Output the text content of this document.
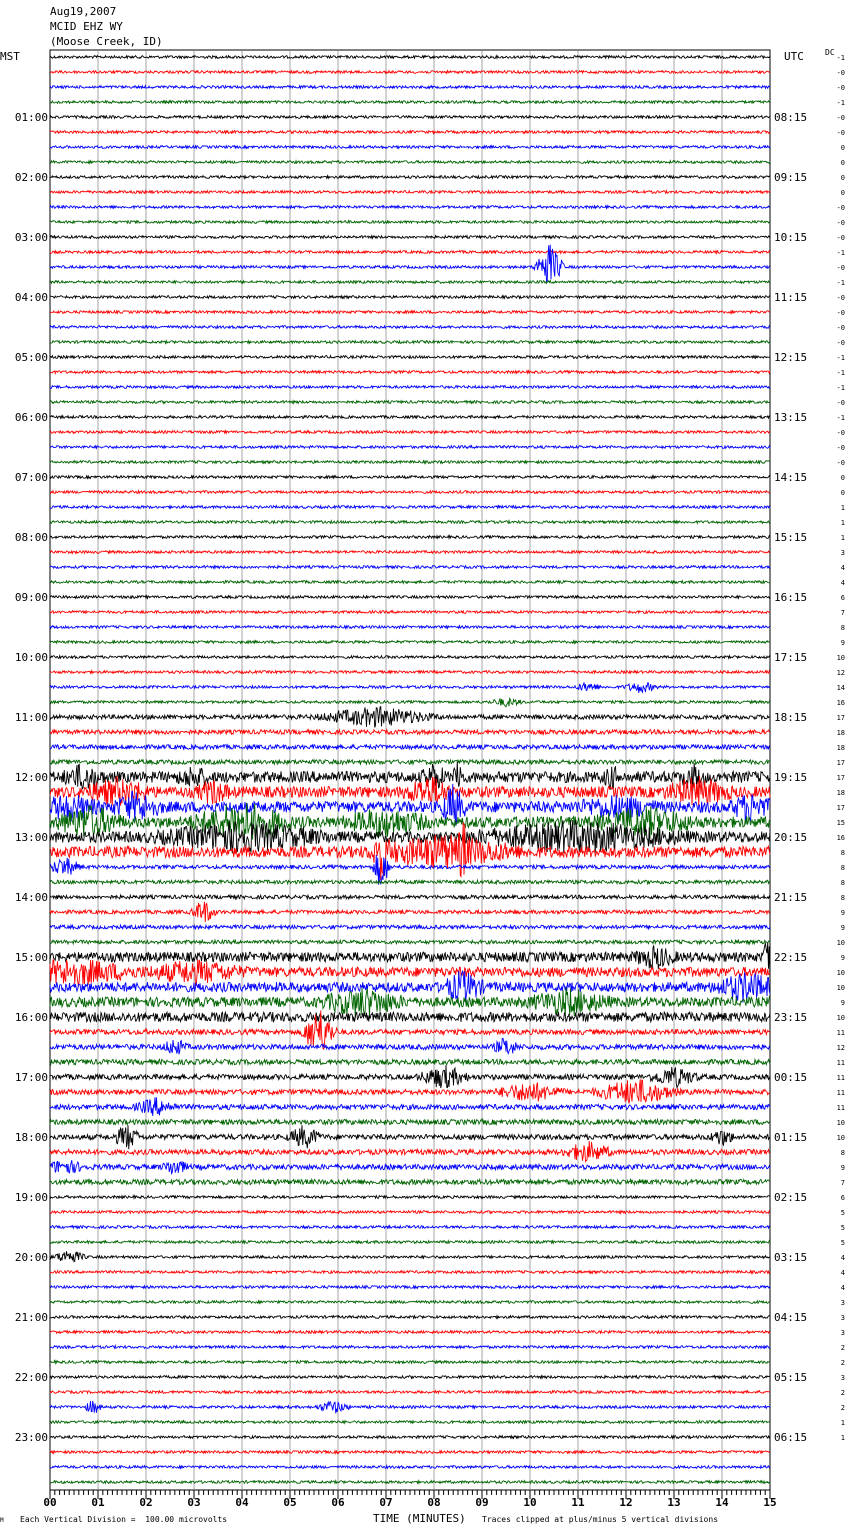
00	01	02	03	04	05	06	07	08	09	10	11	12	13	14	15
01:00
02:00
03:00
04:00
05:00
06:00
07:00
08:00
09:00
10:00
11:00
12:00
13:00
14:00
15:00
16:00
17:00
18:00
19:00
20:00
21:00
22:00
23:00
08:15
09:15
10:15
11:15
12:15
13:15
14:15
15:15
16:15
17:15
18:15
19:15
20:15
21:15
22:15
23:15
00:15
01:15
02:15
03:15
04:15
05:15
06:15
-1
-0
-0
-1
-0
-0
0
0
0
0
-0
-0
-0
-1
-0
-1
-0
-0
-0
-0
-1
-1
-1
-0
-1
-0
-0
-0
0
0
1
1
1
3
4
4
6
7
8
9
10
12
14
16
17
18
18
17
17
18
17
15
16
8
8
8
8
9
9
10
9
10
10
9
10
11
12
11
11
11
11
10
10
8
9
7
6
5
5
5
4
4
4
3
3
3
2
2
3
2
2
1
1
Aug19,2007
MCID EHZ WY
(Moose Creek, ID)
MST	UTC	DC
M Each Vertical Division =  100.00 microvolts	TIME (MINUTES) Traces clipped at plus/minus 5 vertical divisions
